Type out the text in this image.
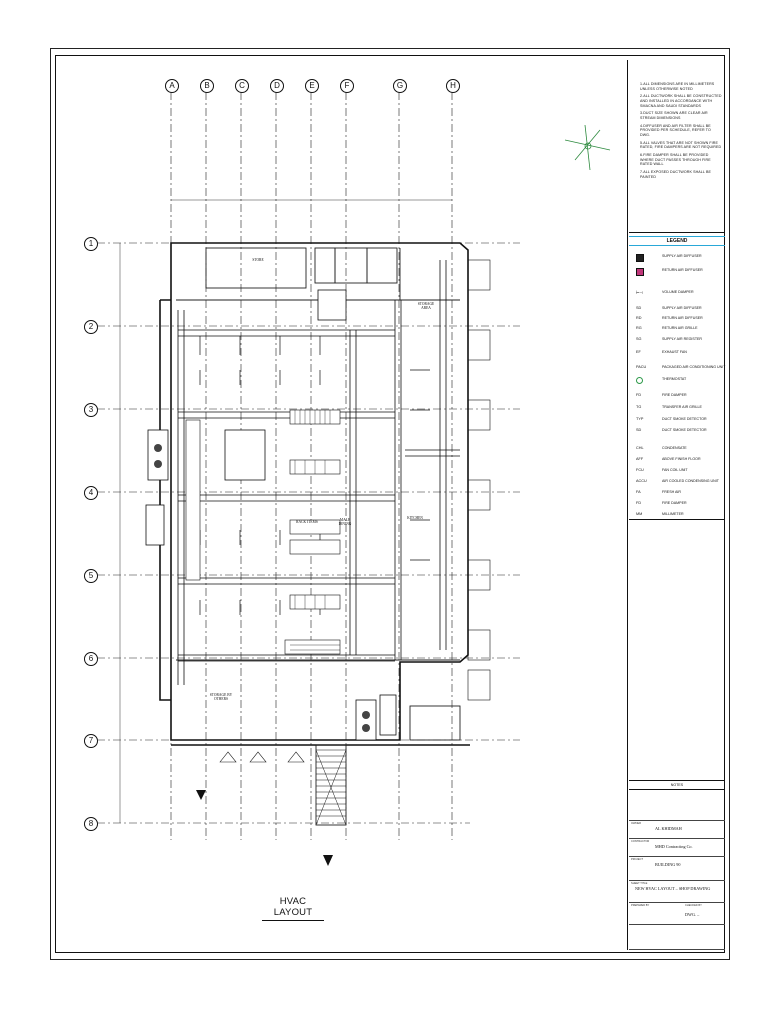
A	B	C	D	E	F	G	H
1
2
3
4
5
6
7
8
STORE
STORAGE AREA
RACK ITEMS	MALE DINING
KITCHEN
STORAGE BY OTHERS
HVAC LAYOUT

1.ALL DIMENSIONS ARE IN MILLIMETERS UNLESS OTHERWISE NOTED

2.ALL DUCTWORK SHALL BE CONSTRUCTED AND INSTALLED IN ACCORDANCE WITH SMACNA AND SAUDI STANDARDS

3.DUCT SIZE SHOWN ARE CLEAR AIR STREAM DIMENSIONS

4.DIFFUSER AND AIR FILTER SHALL BE PROVIDED PER SCHEDULE, REFER TO DWG.

5.ALL VALVES THAT ARE NOT SHOWN FIRE RATED, FIRE DAMPERS ARE NOT REQUIRED

6.FIRE DAMPER SHALL BE PROVIDED WHERE DUCT PASSES THROUGH FIRE RATED WALL

7.ALL EXPOSED DUCTWORK SHALL BE PAINTED

LEGEND
SUPPLY AIR DIFFUSER
RETURN AIR DIFFUSER
⊢⊣	VOLUME DAMPER
SD	SUPPLY AIR DIFFUSER
RD	RETURN AIR DIFFUSER
RG	RETURN AIR GRILLE
SG	SUPPLY AIR REGISTER
EF	EXHAUST FAN
PACU	PACKAGED AIR CONDITIONING UNIT
THERMOSTAT
FD	FIRE DAMPER
TG	TRANSFER AIR GRILLE
TYP	DUCT SMOKE DETECTOR
SD	DUCT SMOKE DETECTOR
CHL	CONDENSATE
AFF	ABOVE FINISH FLOOR
FCU	FAN COIL UNIT
ACCU	AIR COOLED CONDENSING UNIT
FA	FRESH AIR
FD	FIRE DAMPER
MM	MILLIMETER
NOTES
OWNER
AL KHIDMAH
CONTRACTOR
MHD Contracting Co.
PROJECT
BUILDING 90
SHEET TITLE
NEW HVAC LAYOUT – SHOP DRAWING
PREPARED BY	CHECKED BY
DWG. –
